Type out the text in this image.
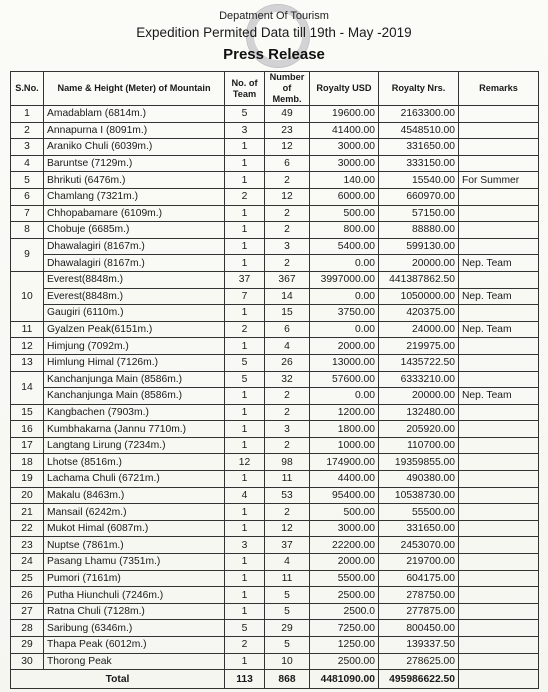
Depatment Of Tourism
Expedition Permited Data till 19th - May -2019
Press Release
S.No.	Name & Height (Meter) of Mountain	No. of Team	Number of Memb.	Royalty USD	Royalty Nrs.	Remarks
1	Amadablam (6814m.)	5	49	19600.00	2163300.00	
2	Annapurna I (8091m.)	3	23	41400.00	4548510.00	
3	Araniko Chuli (6039m.)	1	12	3000.00	331650.00	
4	Baruntse (7129m.)	1	6	3000.00	333150.00	
5	Bhrikuti (6476m.)	1	2	140.00	15540.00	For Summer
6	Chamlang (7321m.)	2	12	6000.00	660970.00	
7	Chhopabamare (6109m.)	1	2	500.00	57150.00	
8	Chobuje (6685m.)	1	2	800.00	88880.00	
9	Dhawalagiri (8167m.)	1	3	5400.00	599130.00	
	Dhawalagiri (8167m.)	1	2	0.00	20000.00	Nep. Team
10	Everest(8848m.)	37	367	3997000.00	441387862.50	
	Everest(8848m.)	7	14	0.00	1050000.00	Nep. Team
	Gaugiri (6110m.)	1	15	3750.00	420375.00	
11	Gyalzen Peak(6151m.)	2	6	0.00	24000.00	Nep. Team
12	Himjung (7092m.)	1	4	2000.00	219975.00	
13	Himlung Himal (7126m.)	5	26	13000.00	1435722.50	
14	Kanchanjunga Main (8586m.)	5	32	57600.00	6333210.00	
	Kanchanjunga Main (8586m.)	1	2	0.00	20000.00	Nep. Team
15	Kangbachen (7903m.)	1	2	1200.00	132480.00	
16	Kumbhakarna (Jannu 7710m.)	1	3	1800.00	205920.00	
17	Langtang Lirung (7234m.)	1	2	1000.00	110700.00	
18	Lhotse (8516m.)	12	98	174900.00	19359855.00	
19	Lachama Chuli (6721m.)	1	11	4400.00	490380.00	
20	Makalu (8463m.)	4	53	95400.00	10538730.00	
21	Mansail (6242m.)	1	2	500.00	55500.00	
22	Mukot Himal (6087m.)	1	12	3000.00	331650.00	
23	Nuptse (7861m.)	3	37	22200.00	2453070.00	
24	Pasang Lhamu (7351m.)	1	4	2000.00	219700.00	
25	Pumori (7161m)	1	11	5500.00	604175.00	
26	Putha Hiunchuli (7246m.)	1	5	2500.00	278750.00	
27	Ratna Chuli (7128m.)	1	5	2500.0	277875.00	
28	Saribung (6346m.)	5	29	7250.00	800450.00	
29	Thapa Peak (6012m.)	2	5	1250.00	139337.50	
30	Thorong Peak	1	10	2500.00	278625.00	
Total		113	868	4481090.00	495986622.50	
